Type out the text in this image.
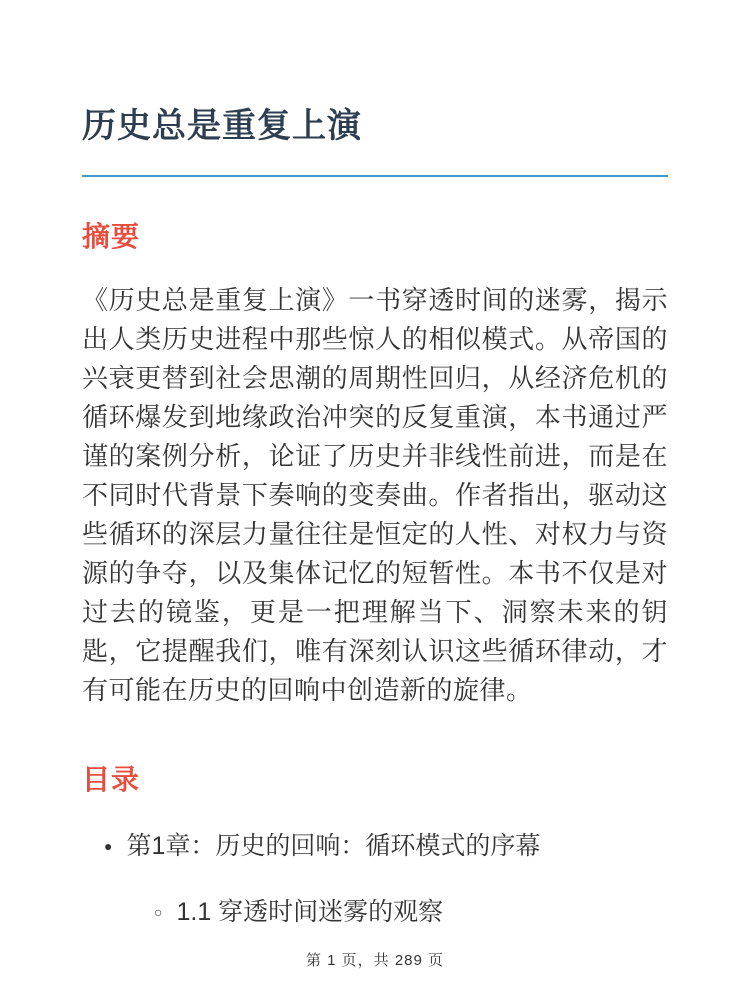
历史总是重复上演
摘要

《历史总是重复上演》一书穿透时间的迷雾，揭示出人类历史进程中那些惊人的相似模式。从帝国的兴衰更替到社会思潮的周期性回归，从经济危机的循环爆发到地缘政治冲突的反复重演，本书通过严谨的案例分析，论证了历史并非线性前进，而是在不同时代背景下奏响的变奏曲。作者指出，驱动这些循环的深层力量往往是恒定的人性、对权力与资源的争夺，以及集体记忆的短暂性。本书不仅是对过去的镜鉴，更是一把理解当下、洞察未来的钥匙，它提醒我们，唯有深刻认识这些循环律动，才有可能在历史的回响中创造新的旋律。

目录
●
第1章：历史的回响：循环模式的序幕
○
1.1 穿透时间迷雾的观察
第 1 页，共 289 页
